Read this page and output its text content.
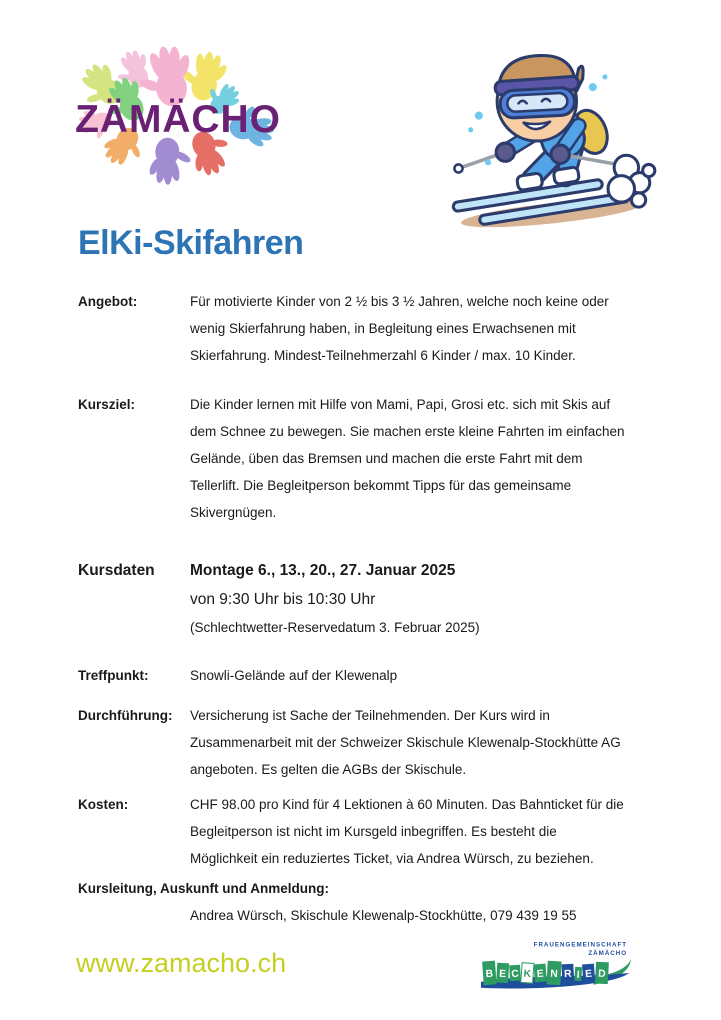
ZÄMÄCHO
ElKi-Skifahren
Angebot:	Für motivierte Kinder von 2 ½ bis 3 ½ Jahren, welche noch keine oder
wenig Skierfahrung haben, in Begleitung eines Erwachsenen mit
Skierfahrung. Mindest-Teilnehmerzahl 6 Kinder / max. 10 Kinder.
Kursziel:	Die Kinder lernen mit Hilfe von Mami, Papi, Grosi etc. sich mit Skis auf
dem Schnee zu bewegen. Sie machen erste kleine Fahrten im einfachen
Gelände, üben das Bremsen und machen die erste Fahrt mit dem
Tellerlift. Die Begleitperson bekommt Tipps für das gemeinsame
Skivergnügen.
Kursdaten	Montage 6., 13., 20., 27. Januar 2025
von 9:30 Uhr bis 10:30 Uhr
(Schlechtwetter-Reservedatum 3. Februar 2025)
Treffpunkt:	Snowli-Gelände auf der Klewenalp
Durchführung:	Versicherung ist Sache der Teilnehmenden. Der Kurs wird in
Zusammenarbeit mit der Schweizer Skischule Klewenalp-Stockhütte AG
angeboten. Es gelten die AGBs der Skischule.
Kosten:	CHF 98.00 pro Kind für 4 Lektionen à 60 Minuten. Das Bahnticket für die
Begleitperson ist nicht im Kursgeld inbegriffen. Es besteht die
Möglichkeit ein reduziertes Ticket, via Andrea Würsch, zu beziehen.
Kursleitung, Auskunft und Anmeldung:
Andrea Würsch, Skischule Klewenalp-Stockhütte, 079 439 19 55
www.zamacho.ch
FRAUENGEMEINSCHAFT
ZÄMÄCHO
B E C K E N R I E D
